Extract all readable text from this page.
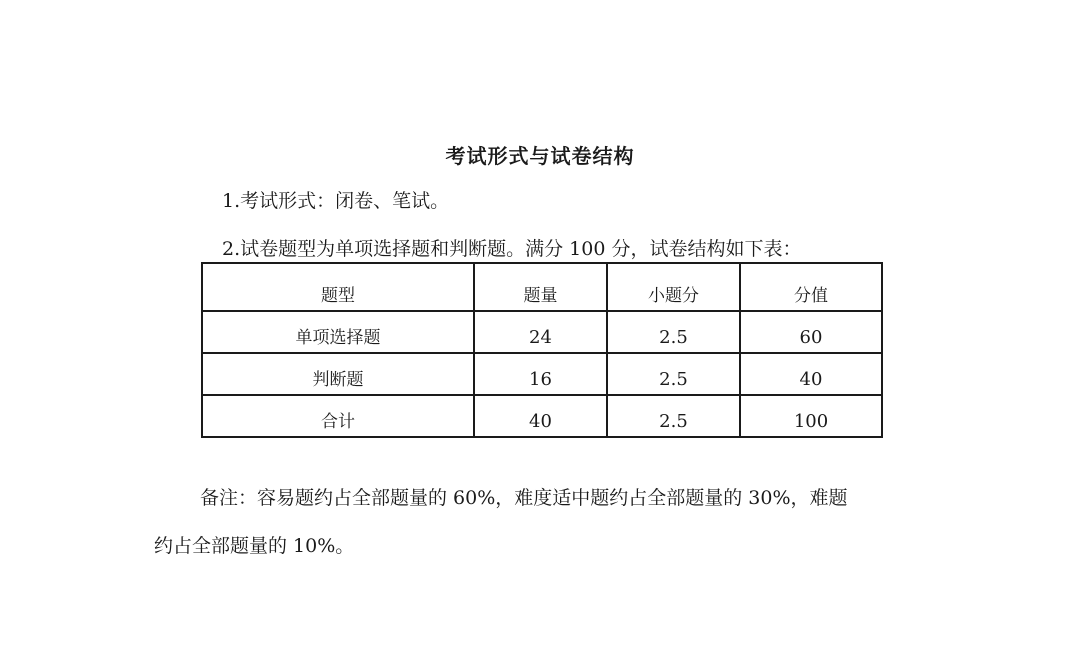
考试形式与试卷结构
1.考试形式：闭卷、笔试。
2.试卷题型为单项选择题和判断题。满分 100 分，试卷结构如下表：
题型	题量	小题分	分值
单项选择题	24	2.5	60
判断题	16	2.5	40
合计	40	2.5	100
备注：容易题约占全部题量的 60%，难度适中题约占全部题量的 30%，难题
约占全部题量的 10%。
